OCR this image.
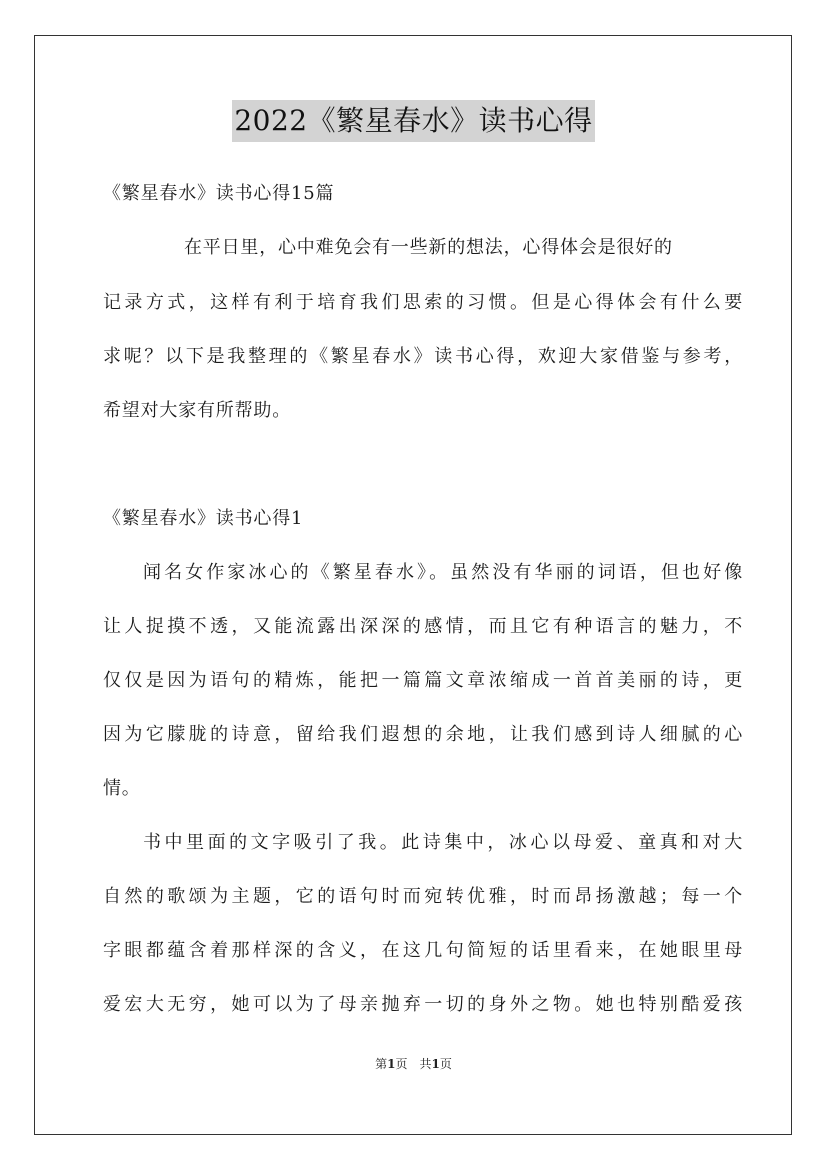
2022《繁星春水》读书心得
《繁星春水》读书心得15篇
在平日里，心中难免会有一些新的想法，心得体会是很好的
记录方式，这样有利于培育我们思索的习惯。但是心得体会有什么要
求呢？以下是我整理的《繁星春水》读书心得，欢迎大家借鉴与参考，
希望对大家有所帮助。
《繁星春水》读书心得1
闻名女作家冰心的《繁星春水》。虽然没有华丽的词语，但也好像
让人捉摸不透，又能流露出深深的感情，而且它有种语言的魅力，不
仅仅是因为语句的精炼，能把一篇篇文章浓缩成一首首美丽的诗，更
因为它朦胧的诗意，留给我们遐想的余地，让我们感到诗人细腻的心
情。
书中里面的文字吸引了我。此诗集中，冰心以母爱、童真和对大
自然的歌颂为主题，它的语句时而宛转优雅，时而昂扬激越；每一个
字眼都蕴含着那样深的含义，在这几句简短的话里看来，在她眼里母
爱宏大无穷，她可以为了母亲抛弃一切的身外之物。她也特别酷爱孩
第1页　共1页
